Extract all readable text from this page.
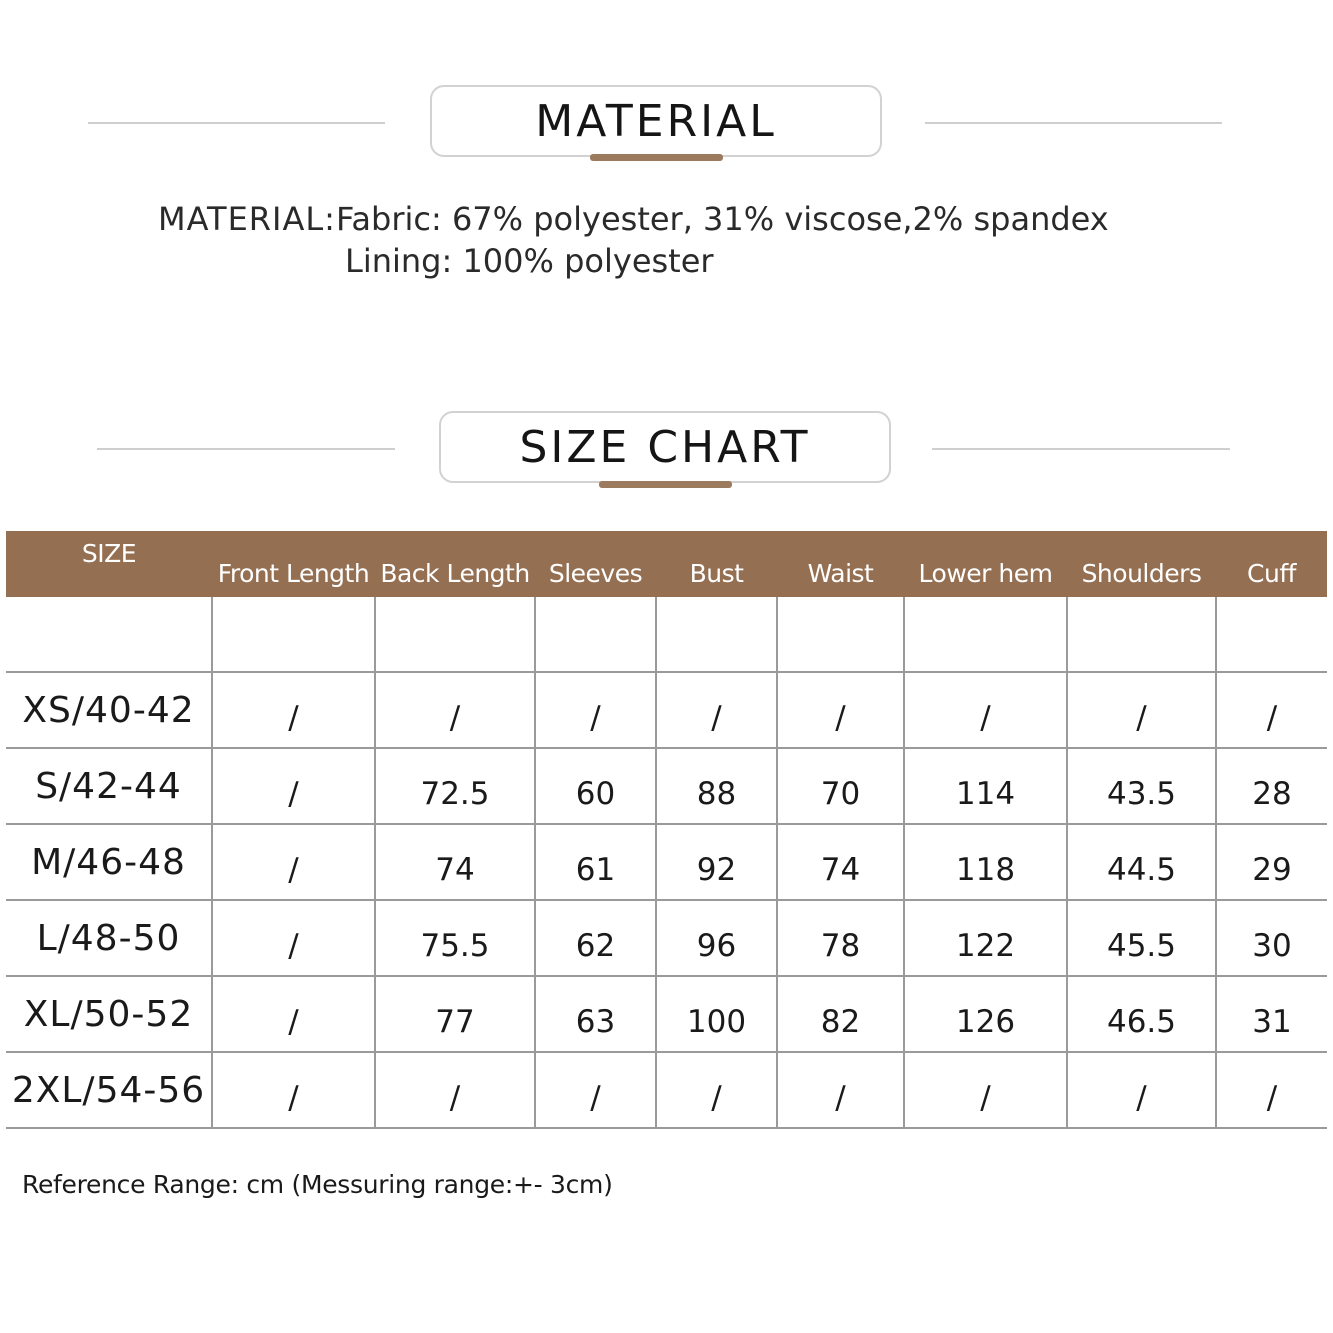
MATERIAL
MATERIAL:Fabric: 67% polyester, 31% viscose,2% spandex
Lining: 100% polyester
SIZE CHART
SIZE	Front Length	Back Length	Sleeves	Bust	Waist	Lower hem	Shoulders	Cuff

XS/40-42	/	/	/	/	/	/	/	/
S/42-44	/	72.5	60	88	70	114	43.5	28
M/46-48	/	74	61	92	74	118	44.5	29
L/48-50	/	75.5	62	96	78	122	45.5	30
XL/50-52	/	77	63	100	82	126	46.5	31
2XL/54-56	/	/	/	/	/	/	/	/
Reference Range: cm (Messuring range:+- 3cm)
